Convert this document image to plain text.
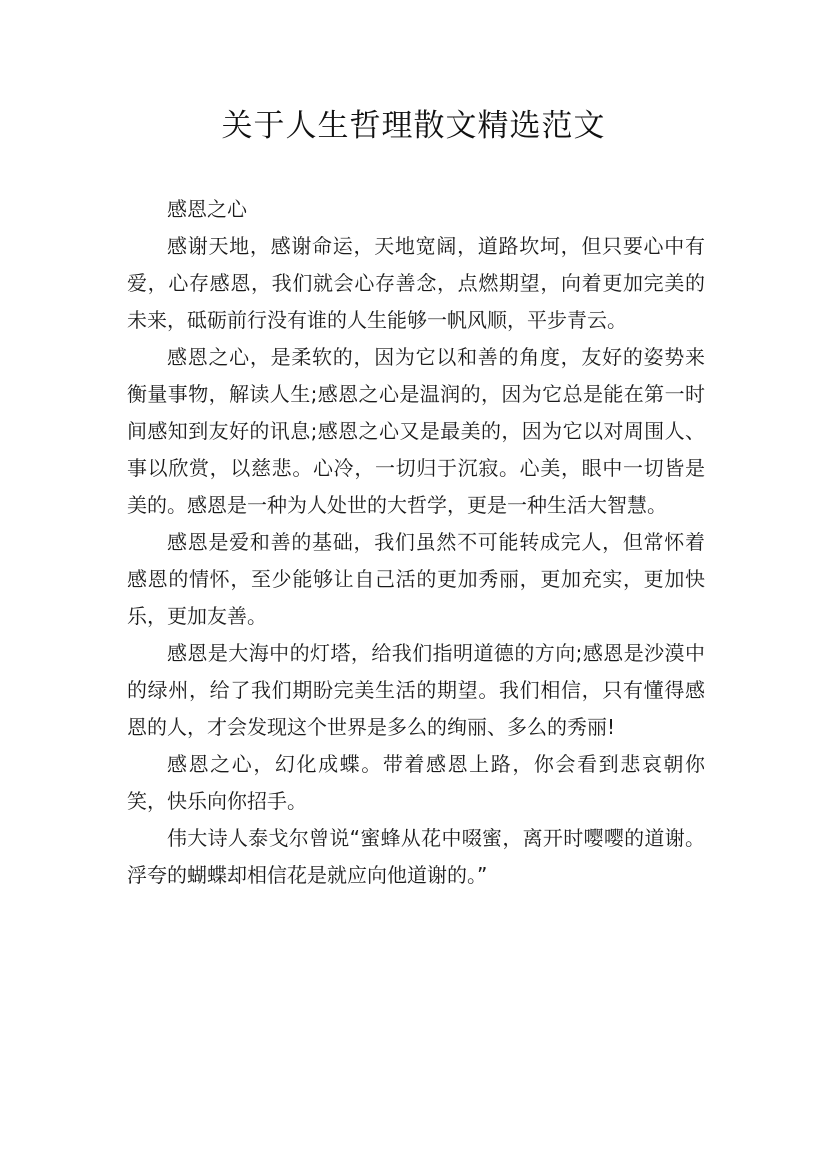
关于人生哲理散文精选范文

感恩之心

感谢天地，感谢命运，天地宽阔，道路坎坷，但只要心中有爱，心存感恩，我们就会心存善念，点燃期望，向着更加完美的未来，砥砺前行没有谁的人生能够一帆风顺，平步青云。

感恩之心，是柔软的，因为它以和善的角度，友好的姿势来衡量事物，解读人生;感恩之心是温润的，因为它总是能在第一时间感知到友好的讯息;感恩之心又是最美的，因为它以对周围人、事以欣赏，以慈悲。心冷，一切归于沉寂。心美，眼中一切皆是美的。感恩是一种为人处世的大哲学，更是一种生活大智慧。

感恩是爱和善的基础，我们虽然不可能转成完人，但常怀着感恩的情怀，至少能够让自己活的更加秀丽，更加充实，更加快乐，更加友善。

感恩是大海中的灯塔，给我们指明道德的方向;感恩是沙漠中的绿州，给了我们期盼完美生活的期望。我们相信，只有懂得感恩的人，才会发现这个世界是多么的绚丽、多么的秀丽!

感恩之心，幻化成蝶。带着感恩上路，你会看到悲哀朝你笑，快乐向你招手。

伟大诗人泰戈尔曾说“蜜蜂从花中啜蜜，离开时嘤嘤的道谢。浮夸的蝴蝶却相信花是就应向他道谢的。”
